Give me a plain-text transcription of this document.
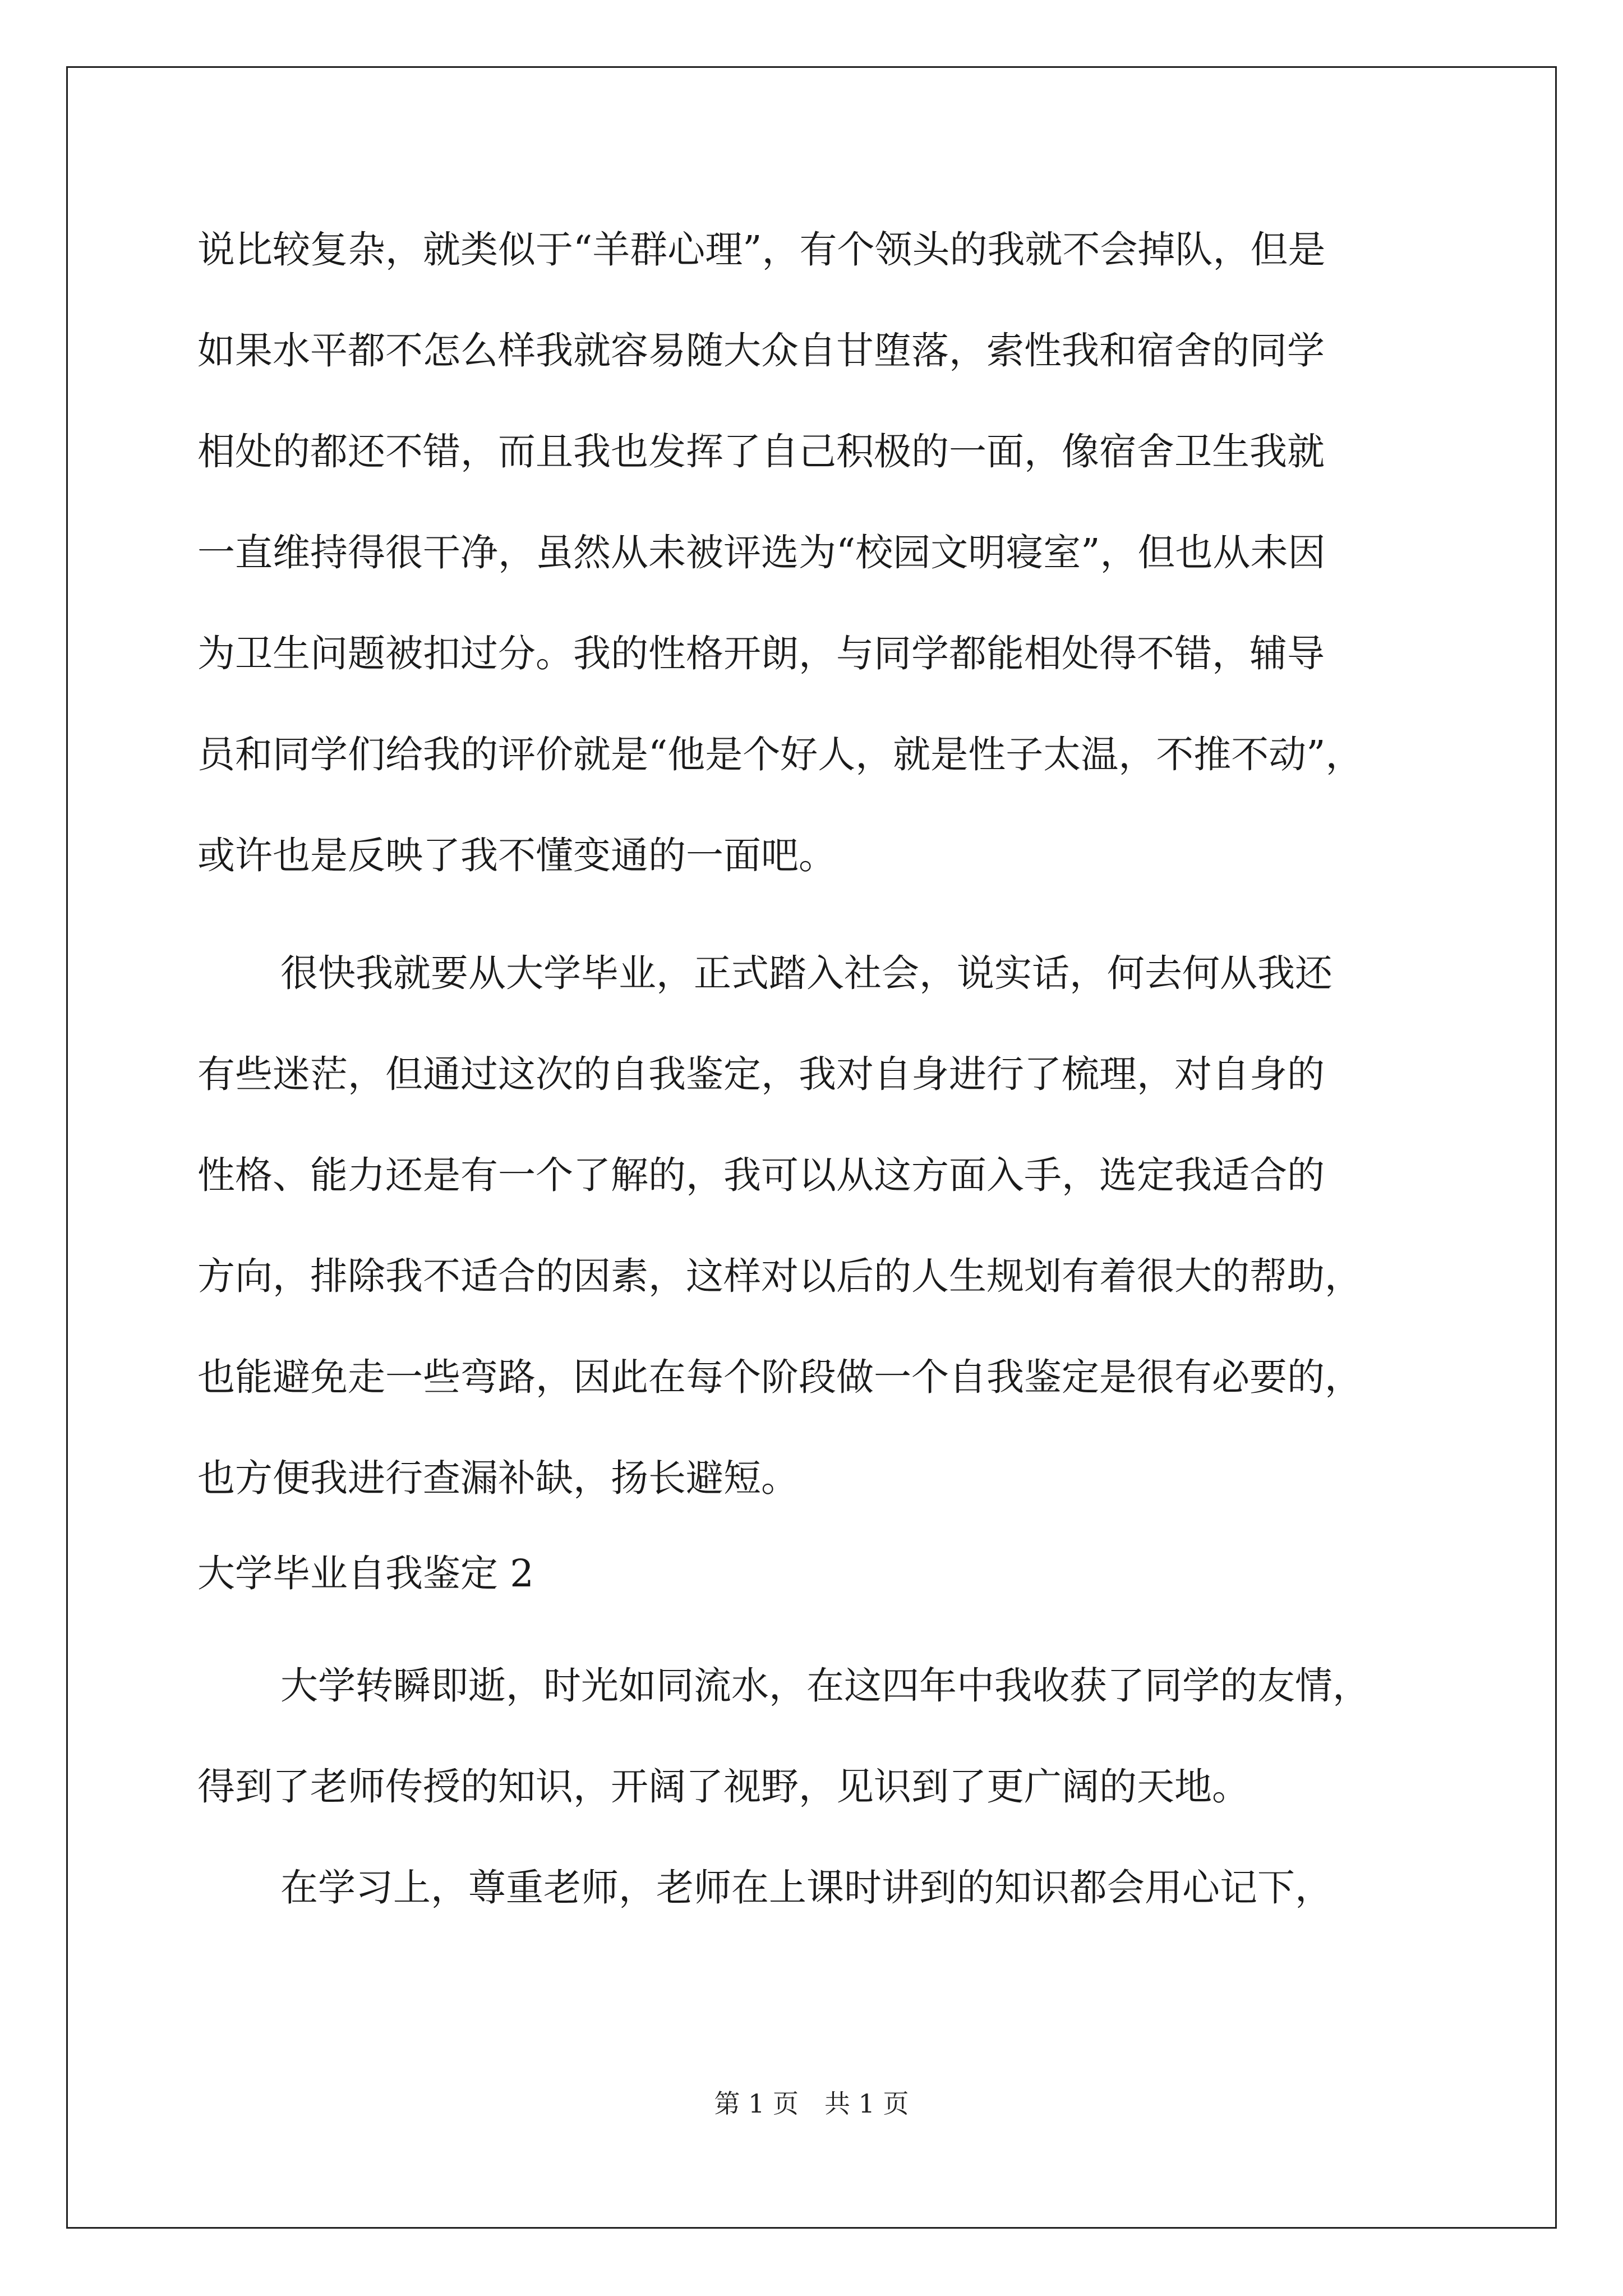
说比较复杂，就类似于“羊群心理”，有个领头的我就不会掉队，但是
如果水平都不怎么样我就容易随大众自甘堕落，索性我和宿舍的同学
相处的都还不错，而且我也发挥了自己积极的一面，像宿舍卫生我就
一直维持得很干净，虽然从未被评选为“校园文明寝室”，但也从未因
为卫生问题被扣过分。我的性格开朗，与同学都能相处得不错，辅导
员和同学们给我的评价就是“他是个好人，就是性子太温，不推不动”，
或许也是反映了我不懂变通的一面吧。
很快我就要从大学毕业，正式踏入社会，说实话，何去何从我还
有些迷茫，但通过这次的自我鉴定，我对自身进行了梳理，对自身的
性格、能力还是有一个了解的，我可以从这方面入手，选定我适合的
方向，排除我不适合的因素，这样对以后的人生规划有着很大的帮助，
也能避免走一些弯路，因此在每个阶段做一个自我鉴定是很有必要的，
也方便我进行查漏补缺，扬长避短。
大学毕业自我鉴定 2
大学转瞬即逝，时光如同流水，在这四年中我收获了同学的友情，
得到了老师传授的知识，开阔了视野，见识到了更广阔的天地。
在学习上，尊重老师，老师在上课时讲到的知识都会用心记下，
第 1 页　共 1 页
